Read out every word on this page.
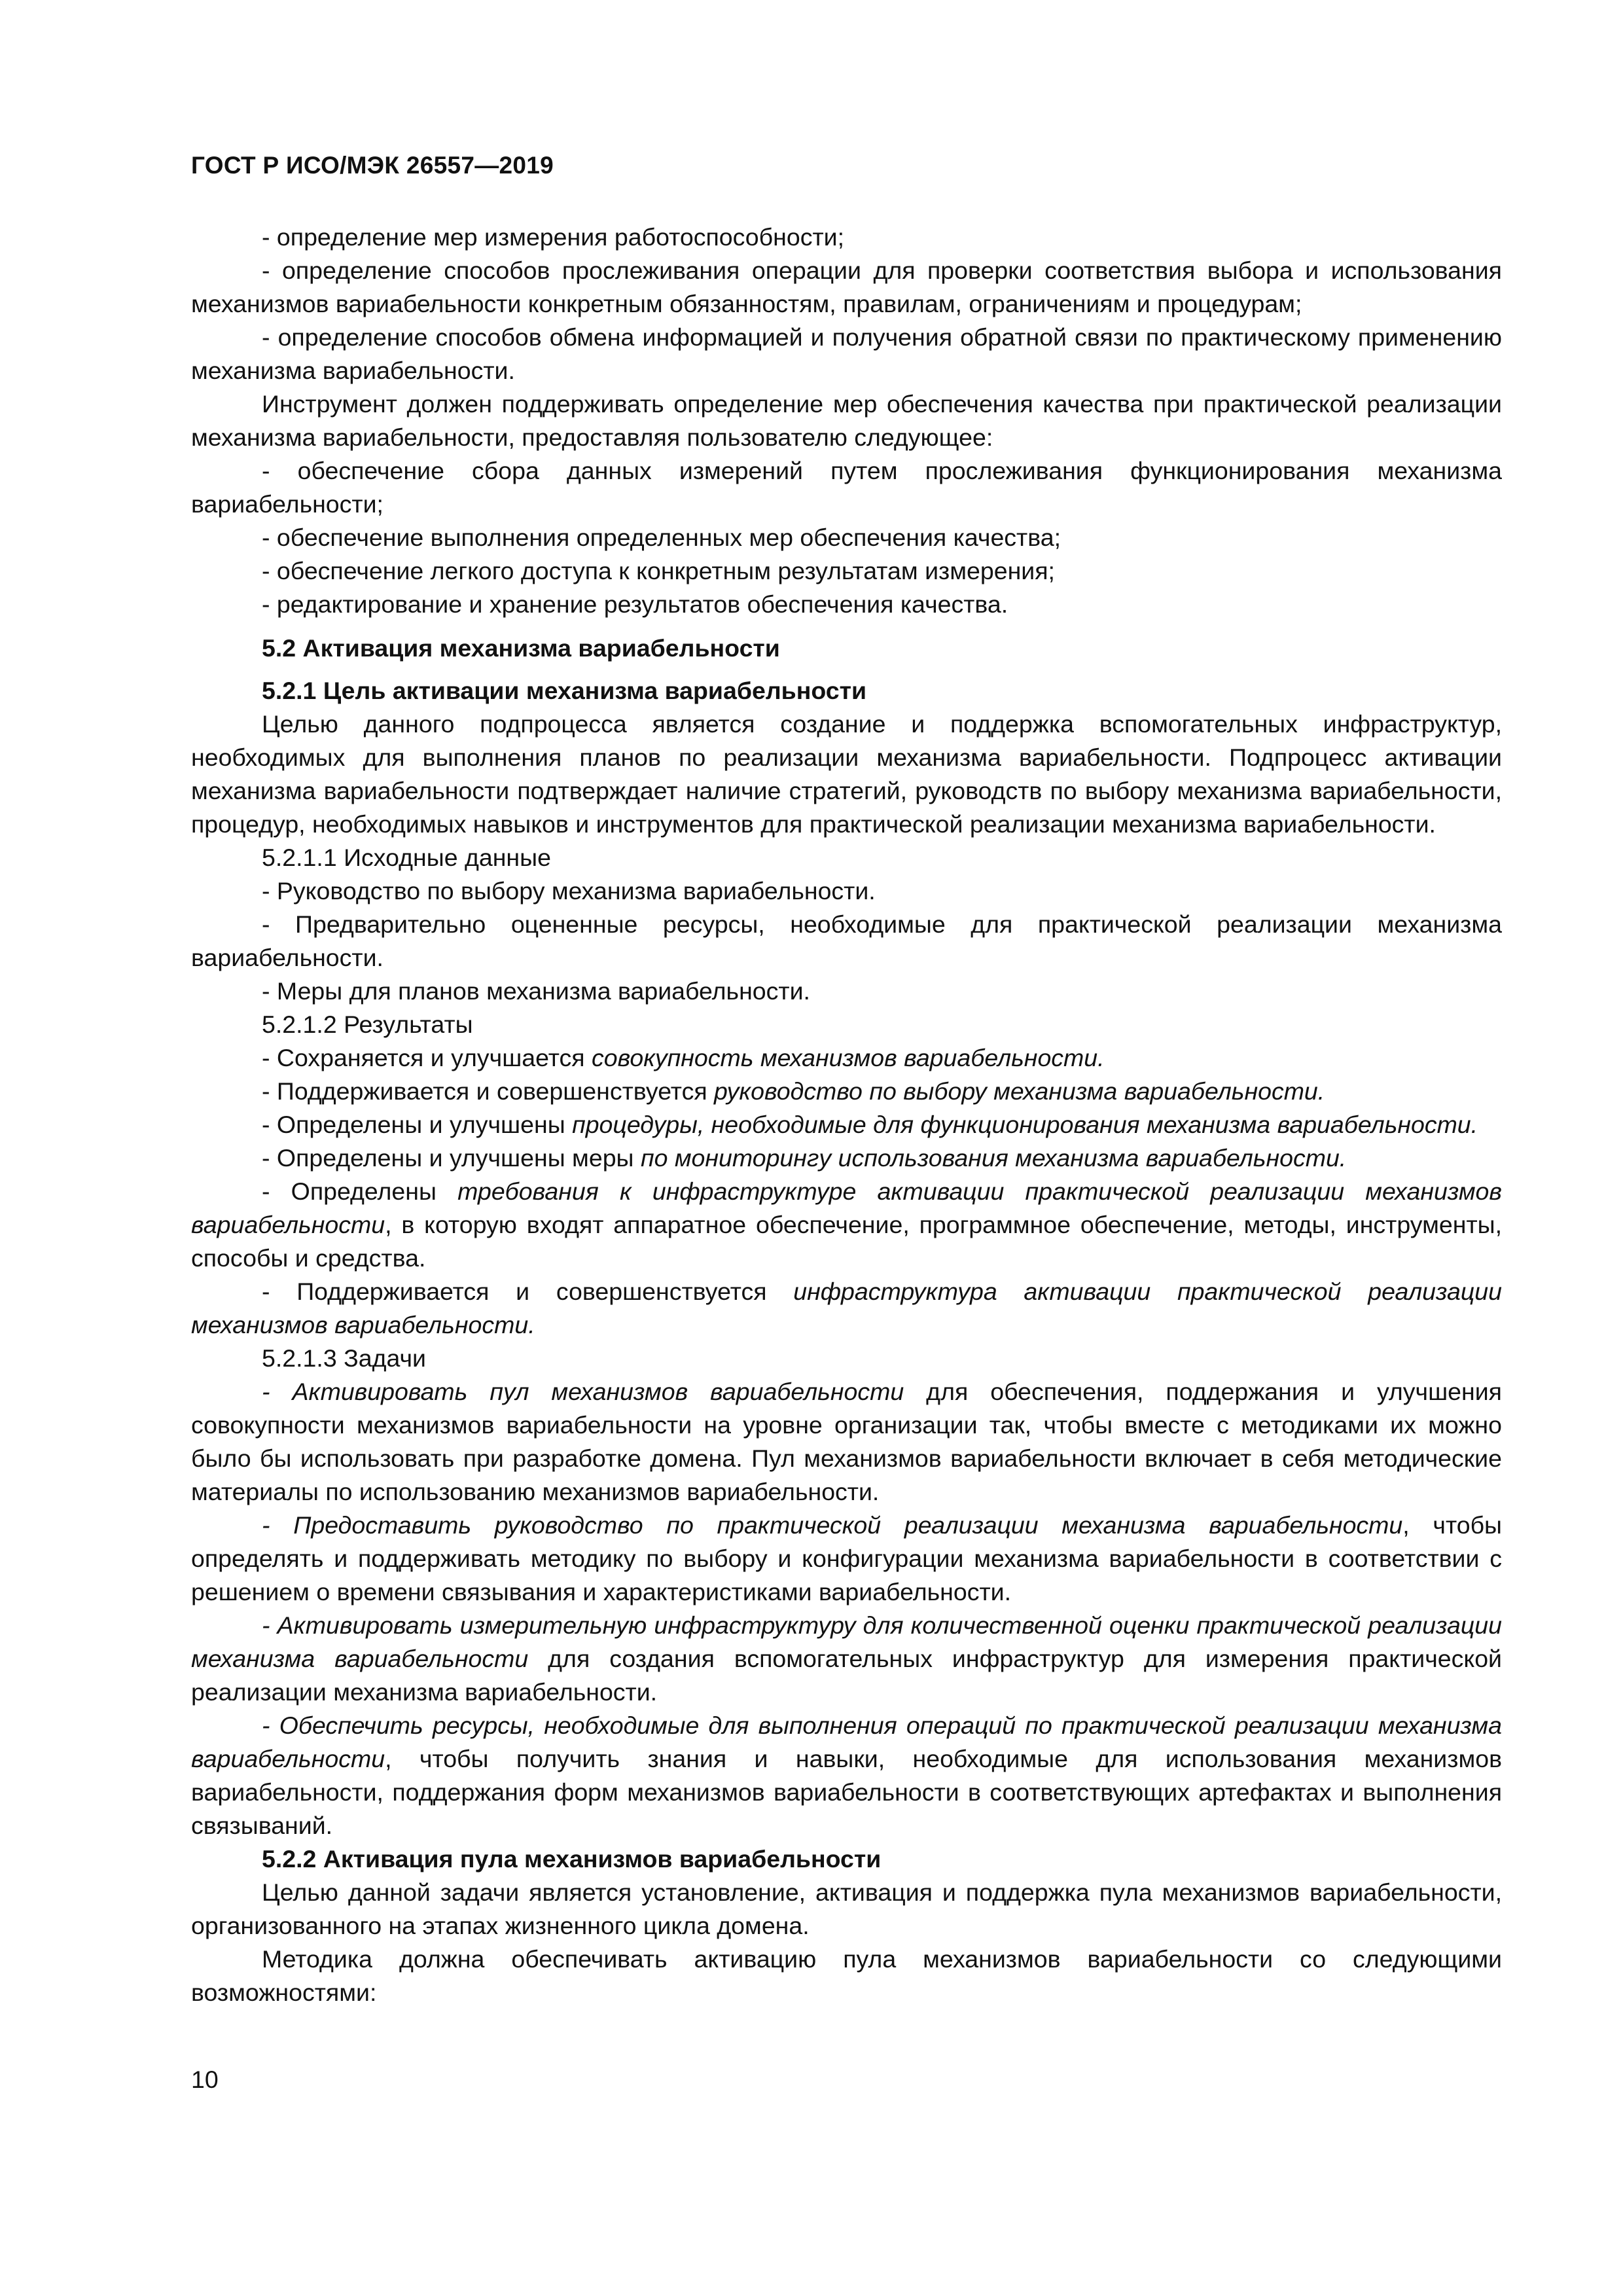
ГОСТ Р ИСО/МЭК 26557—2019

- определение мер измерения работоспособности;

- определение способов прослеживания операции для проверки соответствия выбора и использования механизмов вариабельности конкретным обязанностям, правилам, ограничениям и процедурам;

- определение способов обмена информацией и получения обратной связи по практическому применению механизма вариабельности.

Инструмент должен поддерживать определение мер обеспечения качества при практической реализации механизма вариабельности, предоставляя пользователю следующее:

- обеспечение сбора данных измерений путем прослеживания функционирования механизма вариабельности;

- обеспечение выполнения определенных мер обеспечения качества;

- обеспечение легкого доступа к конкретным результатам измерения;

- редактирование и хранение результатов обеспечения качества.

5.2 Активация механизма вариабельности
5.2.1 Цель активации механизма вариабельности

Целью данного подпроцесса является создание и поддержка вспомогательных инфраструктур, необходимых для выполнения планов по реализации механизма вариабельности. Подпроцесс активации механизма вариабельности подтверждает наличие стратегий, руководств по выбору механизма вариабельности, процедур, необходимых навыков и инструментов для практической реализации механизма вариабельности.

5.2.1.1 Исходные данные

- Руководство по выбору механизма вариабельности.

- Предварительно оцененные ресурсы, необходимые для практической реализации механизма вариабельности.

- Меры для планов механизма вариабельности.

5.2.1.2 Результаты

- Сохраняется и улучшается совокупность механизмов вариабельности.

- Поддерживается и совершенствуется руководство по выбору механизма вариабельности.

- Определены и улучшены процедуры, необходимые для функционирования механизма вариабельности.

- Определены и улучшены меры по мониторингу использования механизма вариабельности.

- Определены требования к инфраструктуре активации практической реализации механизмов вариабельности, в которую входят аппаратное обеспечение, программное обеспечение, методы, инструменты, способы и средства.

- Поддерживается и совершенствуется инфраструктура активации практической реализации механизмов вариабельности.

5.2.1.3 Задачи

- Активировать пул механизмов вариабельности для обеспечения, поддержания и улучшения совокупности механизмов вариабельности на уровне организации так, чтобы вместе с методиками их можно было бы использовать при разработке домена. Пул механизмов вариабельности включает в себя методические материалы по использованию механизмов вариабельности.

- Предоставить руководство по практической реализации механизма вариабельности, чтобы определять и поддерживать методику по выбору и конфигурации механизма вариабельности в соответствии с решением о времени связывания и характеристиками вариабельности.

- Активировать измерительную инфраструктуру для количественной оценки практической реализации механизма вариабельности для создания вспомогательных инфраструктур для измерения практической реализации механизма вариабельности.

- Обеспечить ресурсы, необходимые для выполнения операций по практической реализации механизма вариабельности, чтобы получить знания и навыки, необходимые для использования механизмов вариабельности, поддержания форм механизмов вариабельности в соответствующих артефактах и выполнения связываний.

5.2.2 Активация пула механизмов вариабельности

Целью данной задачи является установление, активация и поддержка пула механизмов вариабельности, организованного на этапах жизненного цикла домена.

Методика должна обеспечивать активацию пула механизмов вариабельности со следующими возможностями:

10
